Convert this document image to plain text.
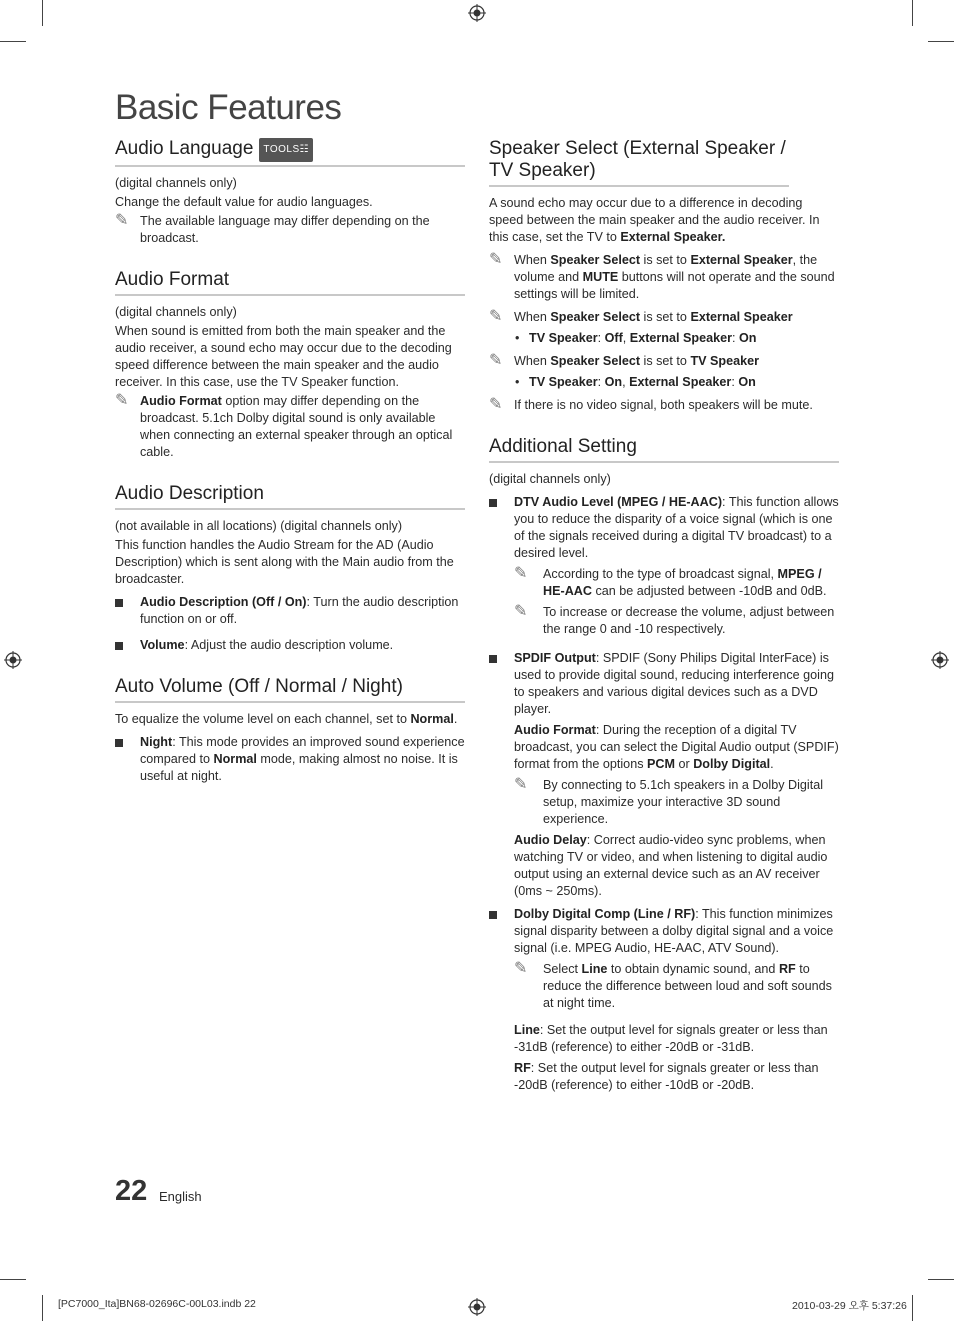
Basic Features
Audio Language TOOLS☷

(digital channels only)

Change the default value for audio languages.

✎ The available language may differ depending on the broadcast.

Audio Format

(digital channels only)

When sound is emitted from both the main speaker and the audio receiver, a sound echo may occur due to the decoding speed difference between the main speaker and the audio receiver. In this case, use the TV Speaker function.

✎ Audio Format option may differ depending on the broadcast. 5.1ch Dolby digital sound is only available when connecting an external speaker through an optical cable.

Audio Description

(not available in all locations) (digital channels only)

This function handles the Audio Stream for the AD (Audio Description) which is sent along with the Main audio from the broadcaster.

Audio Description (Off / On): Turn the audio description function on or off.

Volume: Adjust the audio description volume.

Auto Volume (Off / Normal / Night)

To equalize the volume level on each channel, set to Normal.

Night: This mode provides an improved sound experience compared to Normal mode, making almost no noise. It is useful at night.

Speaker Select (External Speaker / TV Speaker)

A sound echo may occur due to a difference in decoding speed between the main speaker and the audio receiver. In this case, set the TV to External Speaker.

✎ When Speaker Select is set to External Speaker, the volume and MUTE buttons will not operate and the sound settings will be limited.

✎ When Speaker Select is set to External Speaker

• TV Speaker: Off, External Speaker: On

✎ When Speaker Select is set to TV Speaker

• TV Speaker: On, External Speaker: On

✎ If there is no video signal, both speakers will be mute.

Additional Setting

(digital channels only)

DTV Audio Level (MPEG / HE-AAC): This function allows you to reduce the disparity of a voice signal (which is one of the signals received during a digital TV broadcast) to a desired level.

✎ According to the type of broadcast signal, MPEG / HE-AAC can be adjusted between -10dB and 0dB.

✎ To increase or decrease the volume, adjust between the range 0 and -10 respectively.

SPDIF Output: SPDIF (Sony Philips Digital InterFace) is used to provide digital sound, reducing interference going to speakers and various digital devices such as a DVD player.

Audio Format: During the reception of a digital TV broadcast, you can select the Digital Audio output (SPDIF) format from the options PCM or Dolby Digital.

✎ By connecting to 5.1ch speakers in a Dolby Digital setup, maximize your interactive 3D sound experience.

Audio Delay: Correct audio-video sync problems, when watching TV or video, and when listening to digital audio output using an external device such as an AV receiver (0ms ~ 250ms).

Dolby Digital Comp (Line / RF): This function minimizes signal disparity between a dolby digital signal and a voice signal (i.e. MPEG Audio, HE-AAC, ATV Sound).

✎ Select Line to obtain dynamic sound, and RF to reduce the difference between loud and soft sounds at night time.

Line: Set the output level for signals greater or less than -31dB (reference) to either -20dB or -31dB.

RF: Set the output level for signals greater or less than -20dB (reference) to either -10dB or -20dB.

22 English
[PC7000_Ita]BN68-02696C-00L03.indb 22	2010-03-29 오후 5:37:26
